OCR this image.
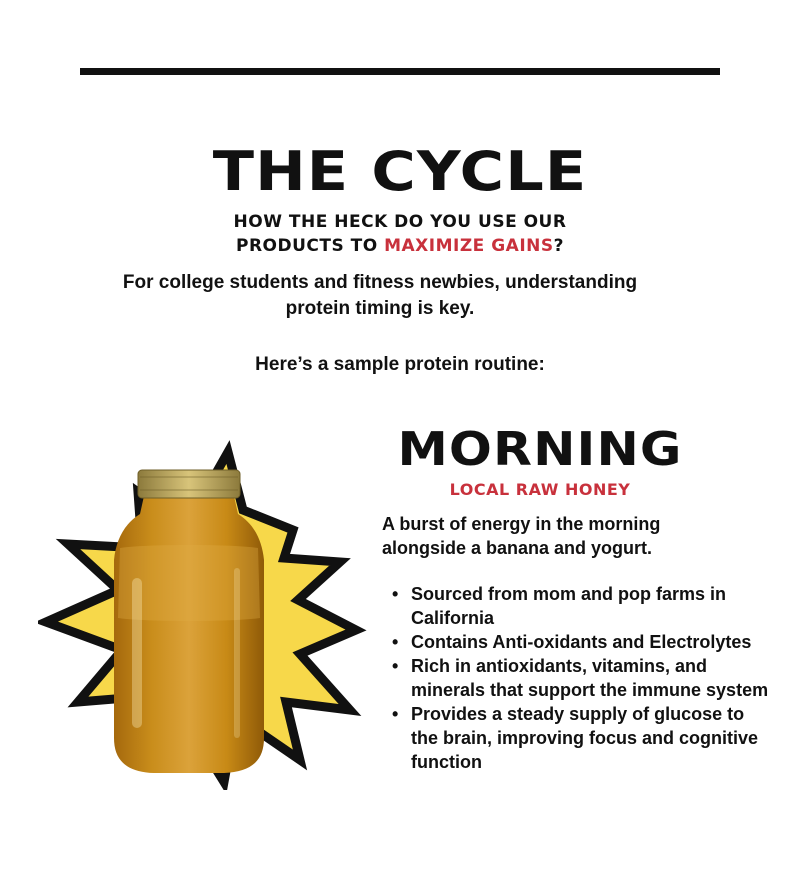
THE CYCLE
HOW THE HECK DO YOU USE OUR
PRODUCTS TO MAXIMIZE GAINS?
For college students and fitness newbies, understanding
protein timing is key.
Here’s a sample protein routine:
MORNING
LOCAL RAW HONEY
A burst of energy in the morning
alongside a banana and yogurt.
• Sourced from mom and pop farms in California
• Contains Anti-oxidants and Electrolytes
• Rich in antioxidants, vitamins, and minerals that support the immune system
• Provides a steady supply of glucose to the brain, improving focus and cognitive function
